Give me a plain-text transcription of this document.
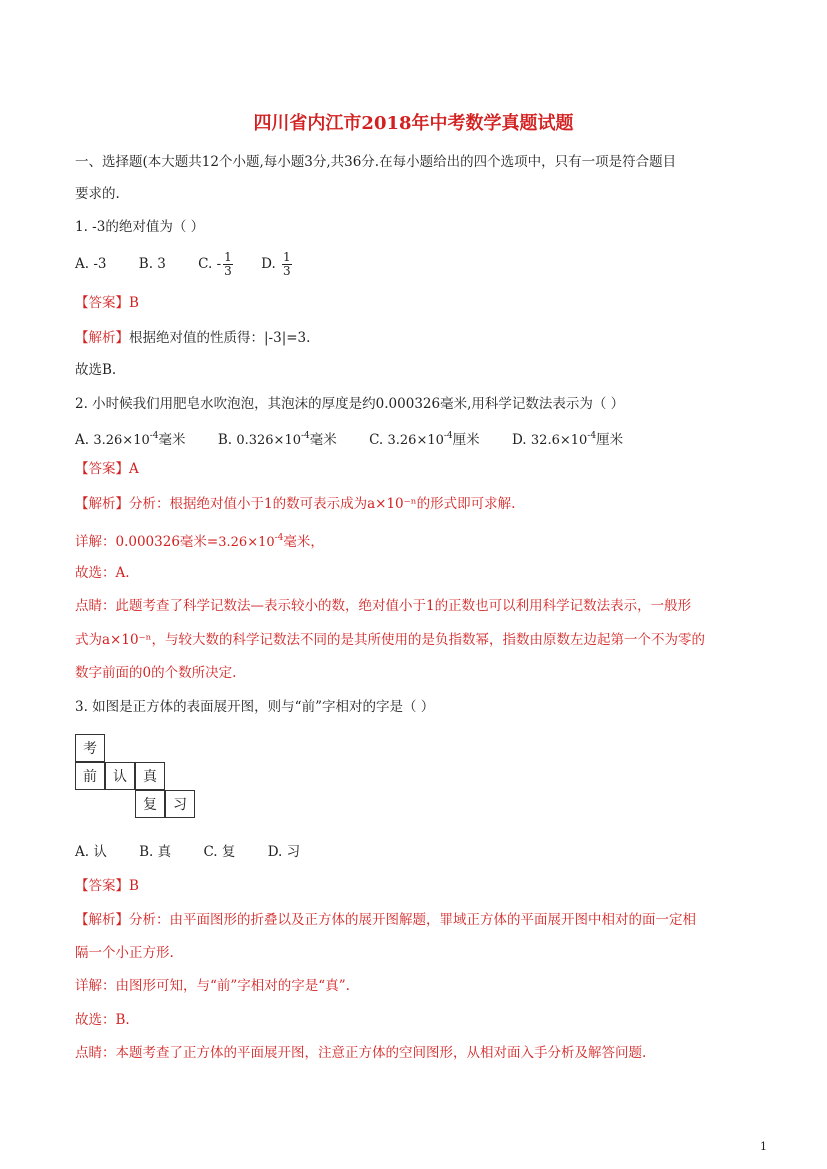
四川省内江市2018年中考数学真题试题
一、选择题(本大题共12个小题,每小题3分,共36分.在每小题给出的四个选项中，只有一项是符合题目
要求的.
1. -3的绝对值为（ ）
A. -3 B. 3 C. - $\frac{1}{3} D$. $\frac{1}{3}$
【答案】B
【解析】根据绝对值的性质得：|-3|=3.
故选B.
2. 小时候我们用肥皂水吹泡泡，其泡沫的厚度是约0.000326毫米,用科学记数法表示为（ ）
A. $3.26\times 10^{-4}$毫米 B. $0.326\times 10^{-4}$毫米 C. $3.26\times 10^{-4}$厘米 D. $32.6\times 10^{-4}$厘米
【答案】A
【解析】分析：根据绝对值小于1的数可表示成为a×10⁻ⁿ的形式即可求解.
详解：0.000326毫米$=3.26\times 10^{-4}$毫米，
故选：A.
点睛：此题考查了科学记数法—表示较小的数，绝对值小于1的正数也可以利用科学记数法表示，一般形
式为a×10⁻ⁿ，与较大数的科学记数法不同的是其所使用的是负指数幂，指数由原数左边起第一个不为零的
数字前面的0的个数所决定.
3. 如图是正方体的表面展开图，则与“前”字相对的字是（ ）
考
前	认	真
复	习
A. 认 B. 真 C. 复 D. 习
【答案】B
【解析】分析：由平面图形的折叠以及正方体的展开图解题，罪域正方体的平面展开图中相对的面一定相
隔一个小正方形.
详解：由图形可知，与“前”字相对的字是“真”.
故选：B.
点睛：本题考查了正方体的平面展开图，注意正方体的空间图形，从相对面入手分析及解答问题.
1
